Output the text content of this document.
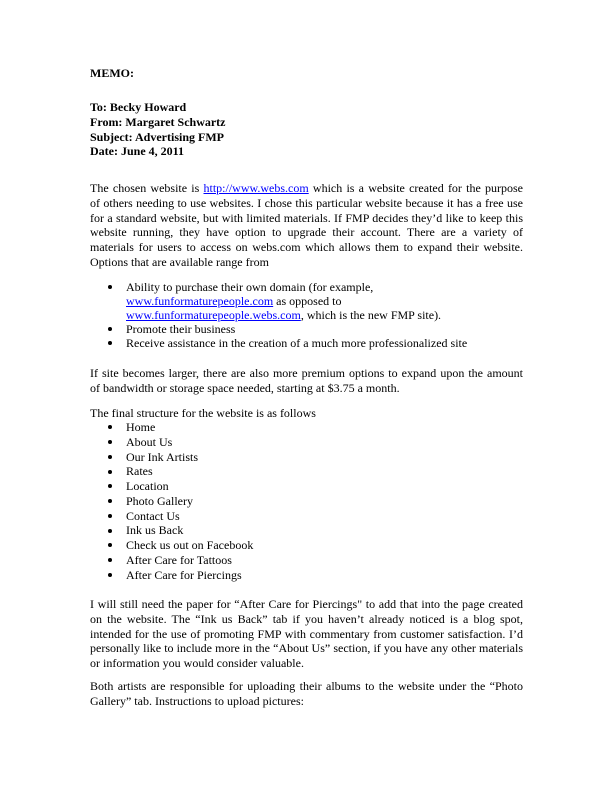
MEMO:
To: Becky Howard
From: Margaret Schwartz
Subject: Advertising FMP
Date: June 4, 2011
The chosen website is http://www.webs.com which is a website created for the purpose
of others needing to use websites. I chose this particular website because it has a free use
for a standard website, but with limited materials. If FMP decides they’d like to keep this
website running, they have option to upgrade their account. There are a variety of
materials for users to access on webs.com which allows them to expand their website.
Options that are available range from
Ability to purchase their own domain (for example,
www.funformaturepeople.com as opposed to
www.funformaturepeople.webs.com, which is the new FMP site).
Promote their business
Receive assistance in the creation of a much more professionalized site
If site becomes larger, there are also more premium options to expand upon the amount
of bandwidth or storage space needed, starting at $3.75 a month.
The final structure for the website is as follows
Home
About Us
Our Ink Artists
Rates
Location
Photo Gallery
Contact Us
Ink us Back
Check us out on Facebook
After Care for Tattoos
After Care for Piercings
I will still need the paper for “After Care for Piercings" to add that into the page created
on the website. The “Ink us Back” tab if you haven’t already noticed is a blog spot,
intended for the use of promoting FMP with commentary from customer satisfaction. I’d
personally like to include more in the “About Us” section, if you have any other materials
or information you would consider valuable.
Both artists are responsible for uploading their albums to the website under the “Photo
Gallery” tab. Instructions to upload pictures:
